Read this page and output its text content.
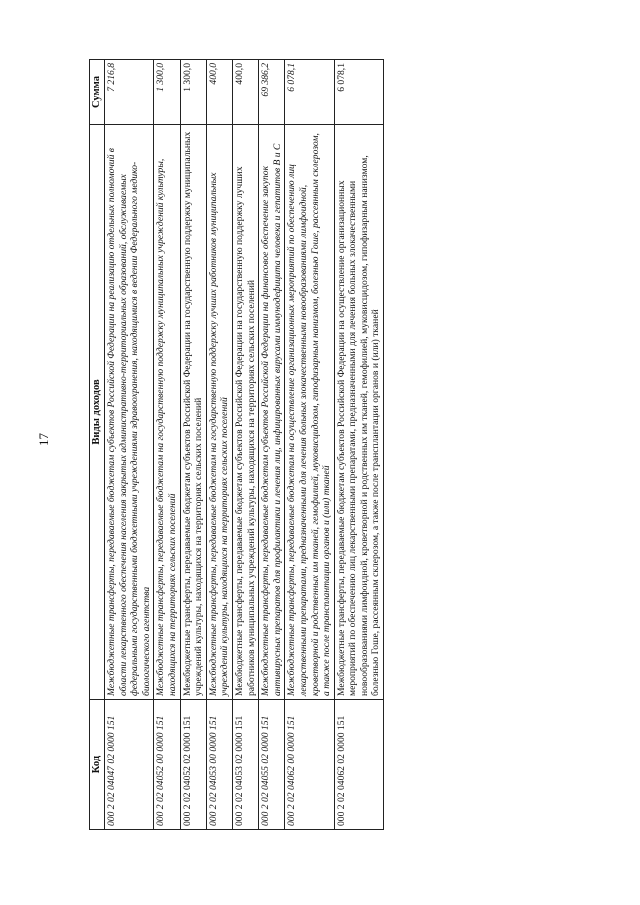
17
Код	Виды доходов	Сумма
000 2 02 04047 02 0000 151	Межбюджетные трансферты, передаваемые бюджетам субъектов Российской Федерации на реализацию отдельных полномочий в области лекарственного обеспечения населения закрытых административно-территориальных образований, обслуживаемых федеральными государственными бюджетными учреждениями здравоохранения, находящимися в ведении Федерального медико-биологического агентства	7 216,8
000 2 02 04052 00 0000 151	Межбюджетные трансферты, передаваемые бюджетам на государственную поддержку муниципальных учреждений культуры, находящихся на территориях сельских поселений	1 300,0
000 2 02 04052 02 0000 151	Межбюджетные трансферты, передаваемые бюджетам субъектов Российской Федерации на государственную поддержку муниципальных учреждений культуры, находящихся на территориях сельских поселений	1 300,0
000 2 02 04053 00 0000 151	Межбюджетные трансферты, передаваемые бюджетам на государственную поддержку лучших работников муниципальных учреждений культуры, находящихся на территориях сельских поселений	400,0
000 2 02 04053 02 0000 151	Межбюджетные трансферты, передаваемые бюджетам субъектов Российской Федерации на государственную поддержку лучших работников муниципальных учреждений культуры, находящихся на территориях сельских поселений	400,0
000 2 02 04055 02 0000 151	Межбюджетные трансферты, передаваемые бюджетам субъектов Российской Федерации на финансовое обеспечение закупок антивирусных препаратов для профилактики и лечения лиц, инфицированных вирусами иммунодефицита человека и гепатитов В и С	69 386,2
000 2 02 04062 00 0000 151	Межбюджетные трансферты, передаваемые бюджетам на осуществление организационных мероприятий по обеспечению лиц лекарственными препаратами, предназначенными для лечения больных злокачественными новообразованиями лимфоидной, кроветворной и родственных им тканей, гемофилией, муковисцидозом, гипофизарным нанизмом, болезнью Гоше, рассеянным склерозом, а также после трансплантации органов и (или) тканей	6 078,1
000 2 02 04062 02 0000 151	Межбюджетные трансферты, передаваемые бюджетам субъектов Российской Федерации на осуществление организационных мероприятий по обеспечению лиц лекарственными препаратами, предназначенными для лечения больных злокачественными новообразованиями лимфоидной, кроветворной и родственных им тканей, гемофилией, муковисцидозом, гипофизарным нанизмом, болезнью Гоше, рассеянным склерозом, а также после трансплантации органов и (или) тканей	6 078,1
